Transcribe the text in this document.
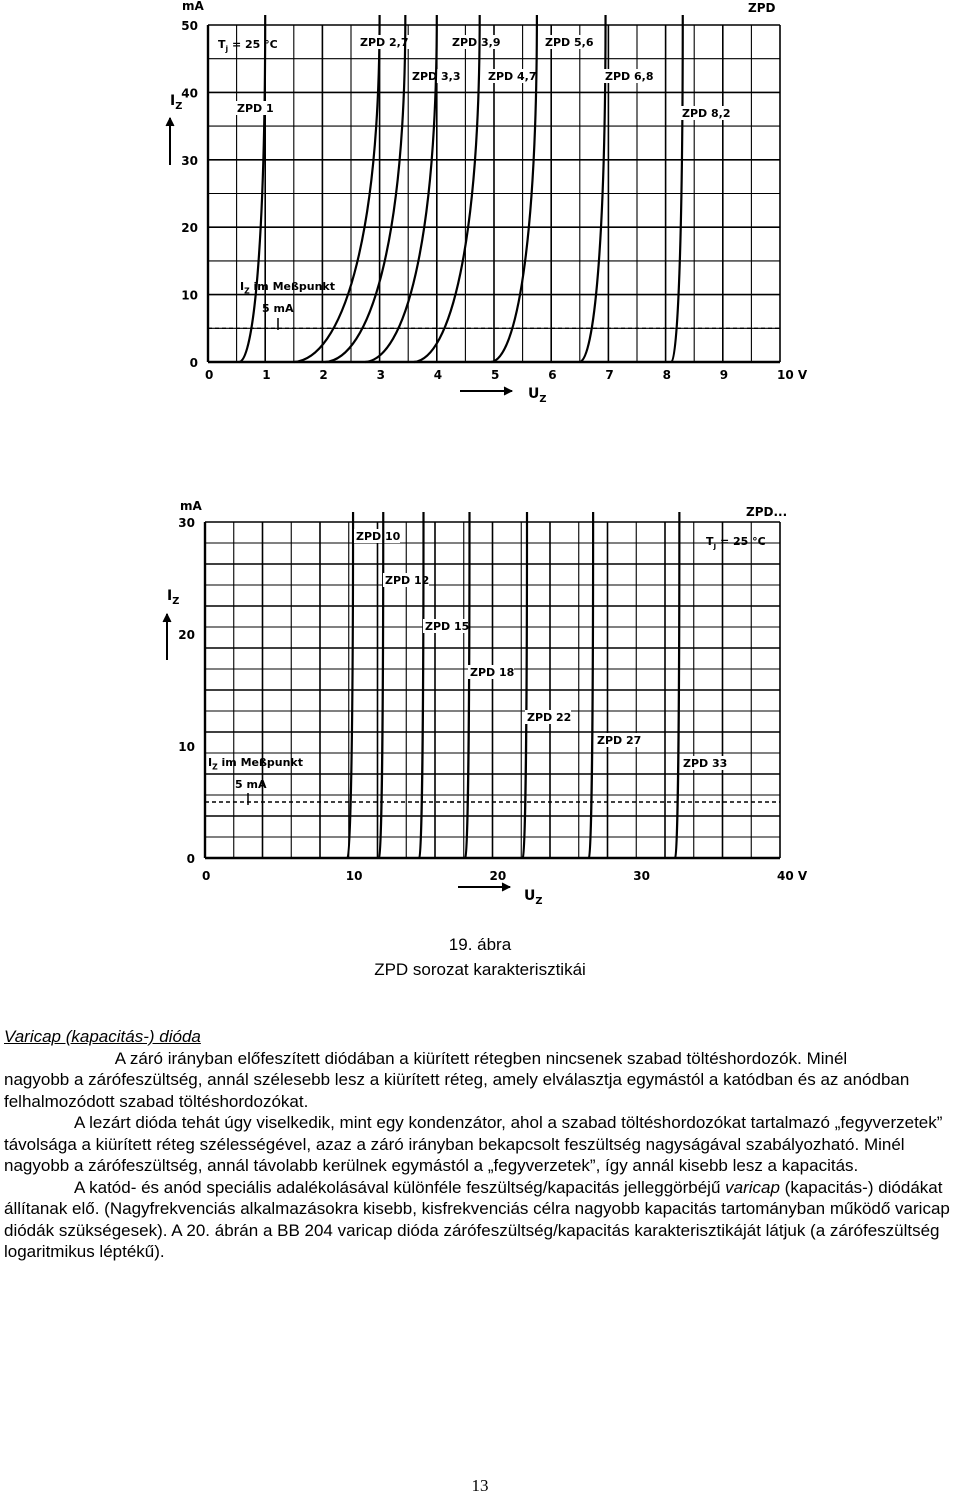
0	1	2	3	4	5	6	7	8	9	10 V
0
10
20
30
40
50
mA
$I_Z$
$U_Z$
ZPD
$T_j = 25$ °C
$I_Z$ im Meßpunkt
5 mA
ZPD 1
ZPD 2,7
ZPD 3,3
ZPD 3,9
ZPD 4,7
ZPD 5,6
ZPD 6,8
ZPD 8,2
0	10	20	30	40 V
0
10
20
30
mA
$I_Z$
$U_Z$
ZPD...
$T_j = 25$ °C
$I_Z$ im Meßpunkt
5 mA
ZPD 10
ZPD 12
ZPD 15
ZPD 18
ZPD 22
ZPD 27
ZPD 33
19. ábra
ZPD sorozat karakterisztikái

Varicap (kapacitás-) dióda

A záró irányban előfeszített diódában a kiürített rétegben nincsenek szabad töltéshordozók. Minél

nagyobb a zárófeszültség, annál szélesebb lesz a kiürített réteg, amely elválasztja egymástól a katódban és az anódban felhalmozódott szabad töltéshordozókat.

A lezárt dióda tehát úgy viselkedik, mint egy kondenzátor, ahol a szabad töltéshordozókat tartalmazó „fegyverzetek” távolsága a kiürített réteg szélességével, azaz a záró irányban bekapcsolt feszültség nagyságával szabályozható. Minél nagyobb a zárófeszültség, annál távolabb kerülnek egymástól a „fegyverzetek”, így annál kisebb lesz a kapacitás.

A katód- és anód speciális adalékolásával különféle feszültség/kapacitás jelleggörbéjű varicap (kapacitás-) diódákat állítanak elő. (Nagyfrekvenciás alkalmazásokra kisebb, kisfrekvenciás célra nagyobb kapacitás tartományban működő varicap diódák szükségesek). A 20. ábrán a BB 204 varicap dióda zárófeszültség/kapacitás karakterisztikáját látjuk (a zárófeszültség logaritmikus léptékű).

13
